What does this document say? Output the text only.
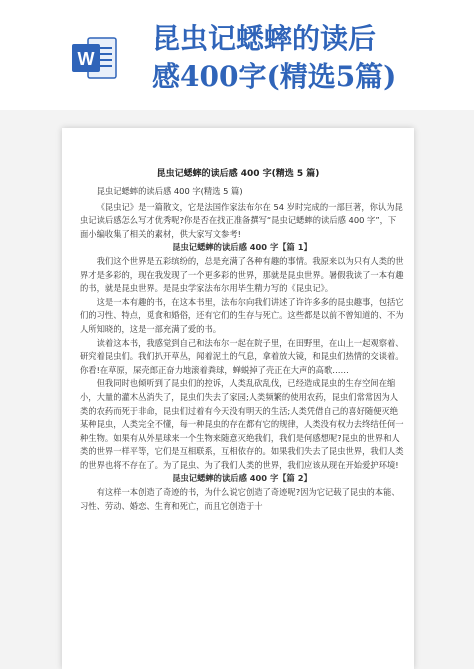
W
昆虫记蟋蟀的读后
感400字(精选5篇)
昆虫记蟋蟀的读后感 400 字(精选 5 篇)

昆虫记蟋蟀的读后感 400 字(精选 5 篇)

《昆虫记》是一篇散文，它是法国作家法布尔在 54 岁时完成的一部巨著，你认为昆虫记读后感怎么写才优秀呢?你是否在找正准备撰写“昆虫记蟋蟀的读后感 400 字”，下面小编收集了相关的素材，供大家写文参考!

昆虫记蟋蟀的读后感 400 字【篇 1】

我们这个世界是五彩缤纷的，总是充满了各种有趣的事情。我原来以为只有人类的世界才是多彩的，现在我发现了一个更多彩的世界，那就是昆虫世界。暑假我读了一本有趣的书，就是昆虫世界。是昆虫学家法布尔用毕生精力写的《昆虫记》。

这是一本有趣的书，在这本书里，法布尔向我们讲述了许许多多的昆虫趣事，包括它们的习性、特点，觅食和婚俗，还有它们的生存与死亡。这些都是以前不曾知道的、不为人所知晓的，这是一部充满了爱的书。

读着这本书，我感觉到自己和法布尔一起在院子里，在田野里，在山上一起观察着、研究着昆虫们。我们扒开草丛，闻着泥土的气息，拿着放大镜，和昆虫们热情的交谈着。你看!在草原，屎壳郎正奋力地滚着粪球，蝉蜕掉了壳正在大声的高歌……

但我同时也倾听到了昆虫们的控诉，人类乱砍乱伐，已经造成昆虫的生存空间在缩小，大量的灌木丛消失了，昆虫们失去了家园;人类频繁的使用农药，昆虫们常常因为人类的农药而死于非命，昆虫们过着有今天没有明天的生活;人类凭借自己的喜好随便灭绝某种昆虫，人类完全不懂，每一种昆虫的存在都有它的规律，人类没有权力去终结任何一种生物。如果有从外星球来一个生物来随意灭绝我们，我们是何感想呢?昆虫的世界和人类的世界一样平等，它们是互相联系，互相依存的。如果我们失去了昆虫世界，我们人类的世界也将不存在了。为了昆虫、为了我们人类的世界，我们应该从现在开始爱护环境!

昆虫记蟋蟀的读后感 400 字【篇 2】

有这样一本创造了奇迹的书，为什么说它创造了奇迹呢?因为它记载了昆虫的本能、习性、劳动、婚恋、生育和死亡，而且它创造于十
